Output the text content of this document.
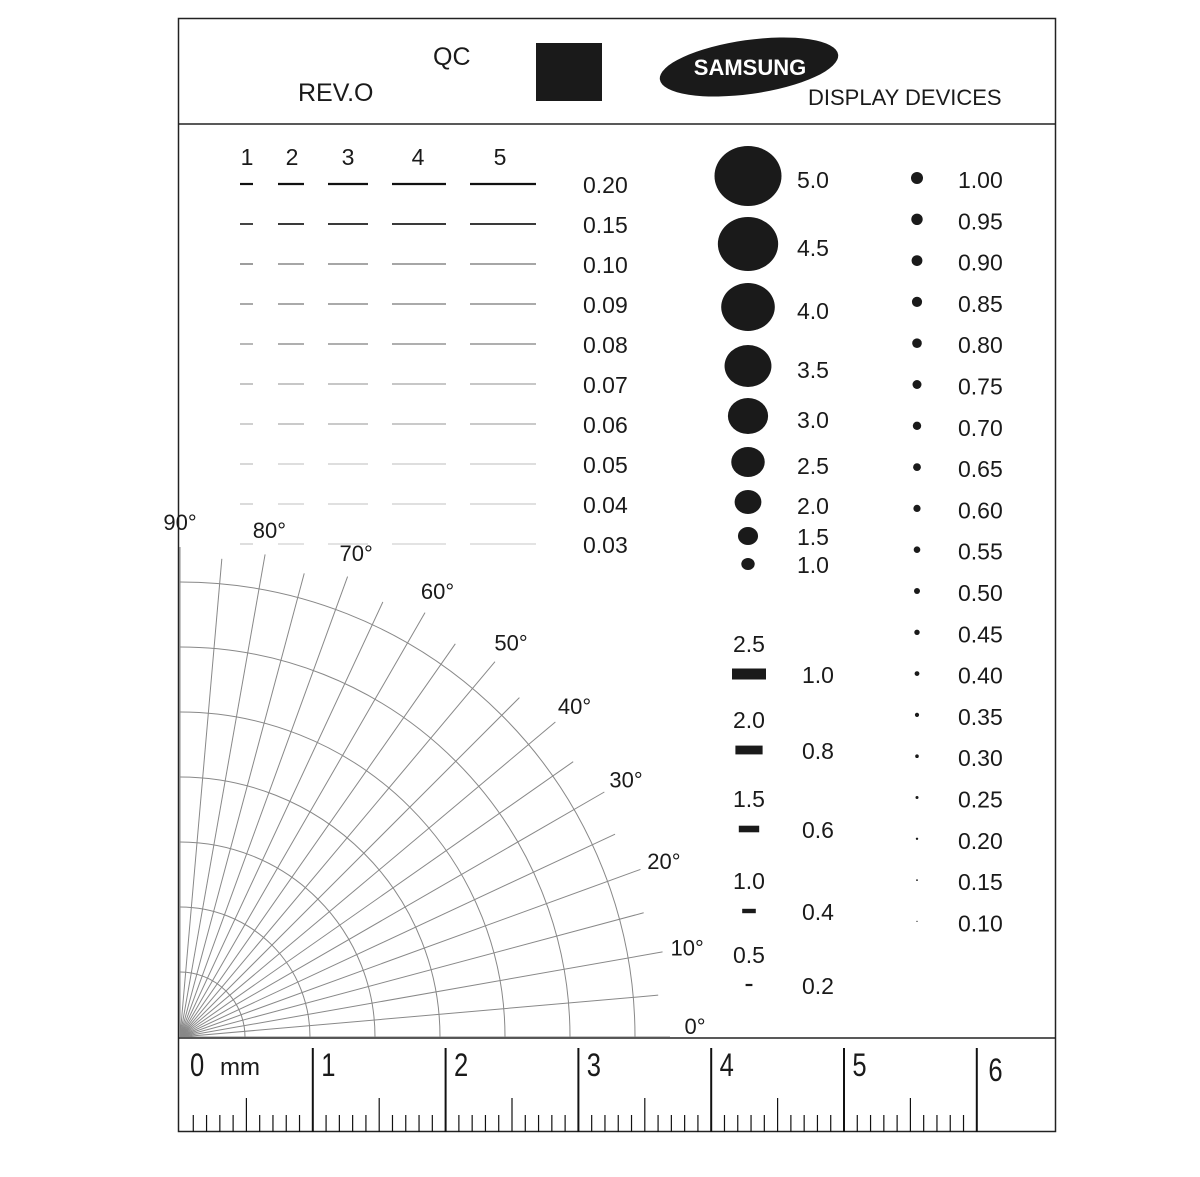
QC
REV.O
SAMSUNG
DISPLAY DEVICES
1 2 3 4	5
0.20
0.15
0.10
0.09
0.08
0.07
0.06
0.05
0.04
0.03
5.0
4.5
4.0
3.5
3.0
2.5
2.0
1.5
1.0
1.00
0.95
0.90
0.85
0.80
0.75
0.70
0.65
0.60
0.55
0.50
0.45
0.40
0.35
0.30
0.25
0.20
0.15
0.10
2.5
1.0
2.0
0.8
1.5
0.6
1.0
0.4
0.5
0.2
0°
10°
20°
30°
40°
50°
60°
70°
80°
90°
0	1	2	3	4	5	6
mm
